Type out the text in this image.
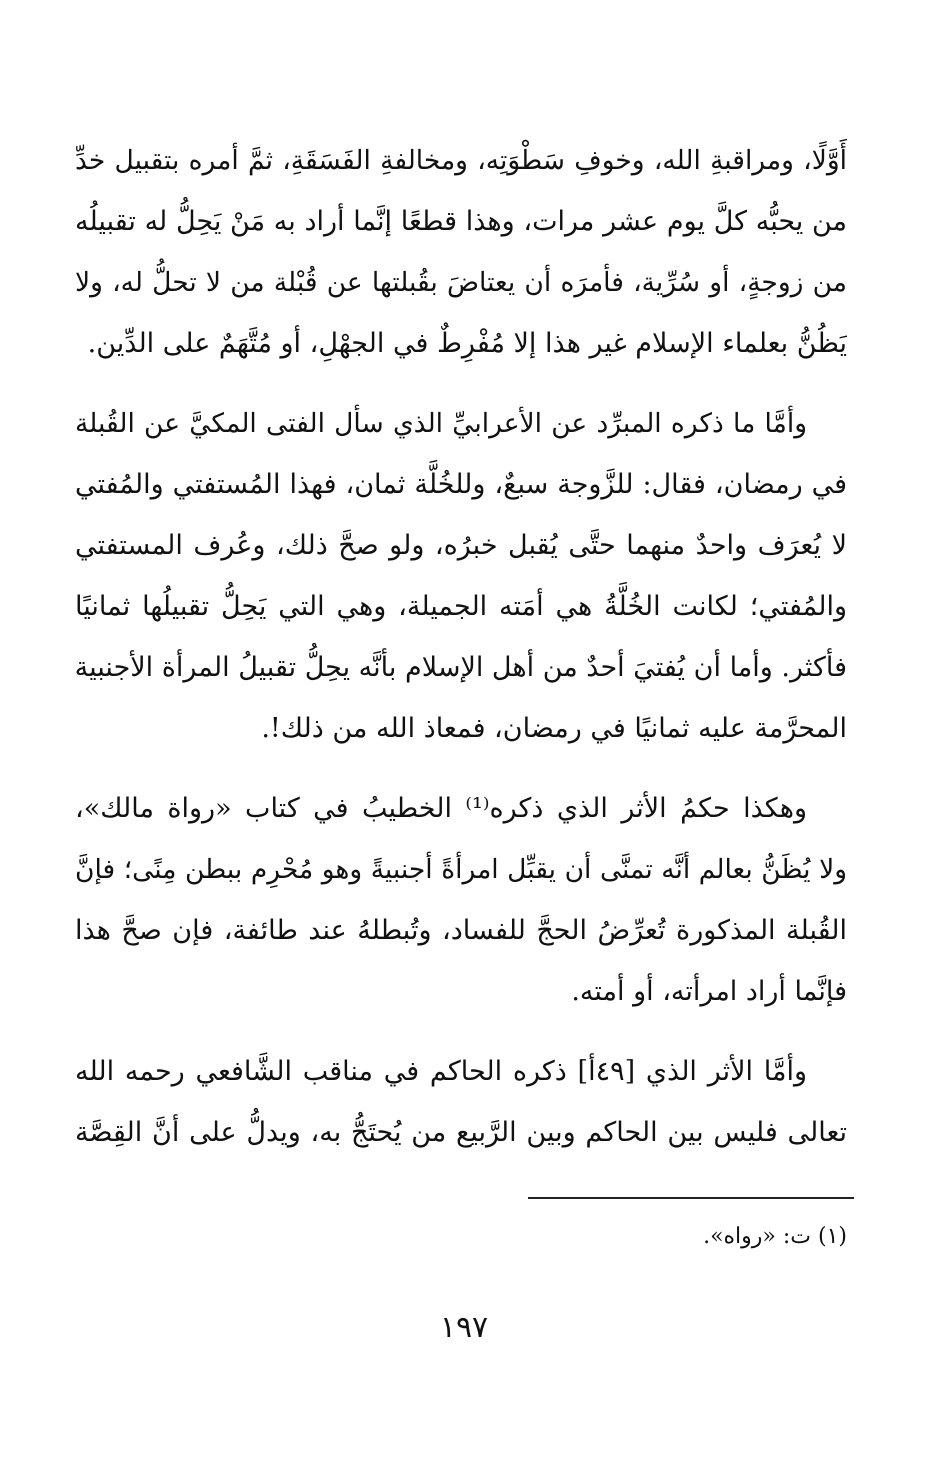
أَوَّلًا، ومراقبةِ الله، وخوفِ سَطْوَتِه، ومخالفةِ الفَسَقَةِ، ثمَّ أمره بتقبيل خدِّ
من يحبُّه كلَّ يوم عشر مرات، وهذا قطعًا إنَّما أراد به مَنْ يَحِلُّ له تقبيلُه
من زوجةٍ، أو سُرِّية، فأمرَه أن يعتاضَ بقُبلتها عن قُبْلة من لا تحلُّ له، ولا
يَظُنُّ بعلماء الإسلام غير هذا إلا مُفْرِطٌ في الجهْلِ، أو مُتَّهَمٌ على الدِّين.
وأمَّا ما ذكره المبرِّد عن الأعرابيِّ الذي سأل الفتى المكيَّ عن القُبلة
في رمضان، فقال: للزَّوجة سبعٌ، وللخُلَّة ثمان، فهذا المُستفتي والمُفتي
لا يُعرَف واحدٌ منهما حتَّى يُقبل خبرُه، ولو صحَّ ذلك، وعُرف المستفتي
والمُفتي؛ لكانت الخُلَّةُ هي أمَته الجميلة، وهي التي يَحِلُّ تقبيلُها ثمانيًا
فأكثر. وأما أن يُفتيَ أحدٌ من أهل الإسلام بأنَّه يحِلُّ تقبيلُ المرأة الأجنبية
المحرَّمة عليه ثمانيًا في رمضان، فمعاذ الله من ذلك!.
وهكذا حكمُ الأثر الذي ذكره⁽¹⁾ الخطيبُ في كتاب «رواة مالك»،
ولا يُظَنُّ بعالم أنَّه تمنَّى أن يقبِّل امرأةً أجنبيةً وهو مُحْرِم ببطن مِنًى؛ فإنَّ
القُبلة المذكورة تُعرِّضُ الحجَّ للفساد، وتُبطلهُ عند طائفة، فإن صحَّ هذا
فإنَّما أراد امرأته، أو أمته.
وأمَّا الأثر الذي [٤٩أ] ذكره الحاكم في مناقب الشَّافعي رحمه الله
تعالى فليس بين الحاكم وبين الرَّبيع من يُحتَجُّ به، ويدلُّ على أنَّ القِصَّة
(١) ت: «رواه».
١٩٧
